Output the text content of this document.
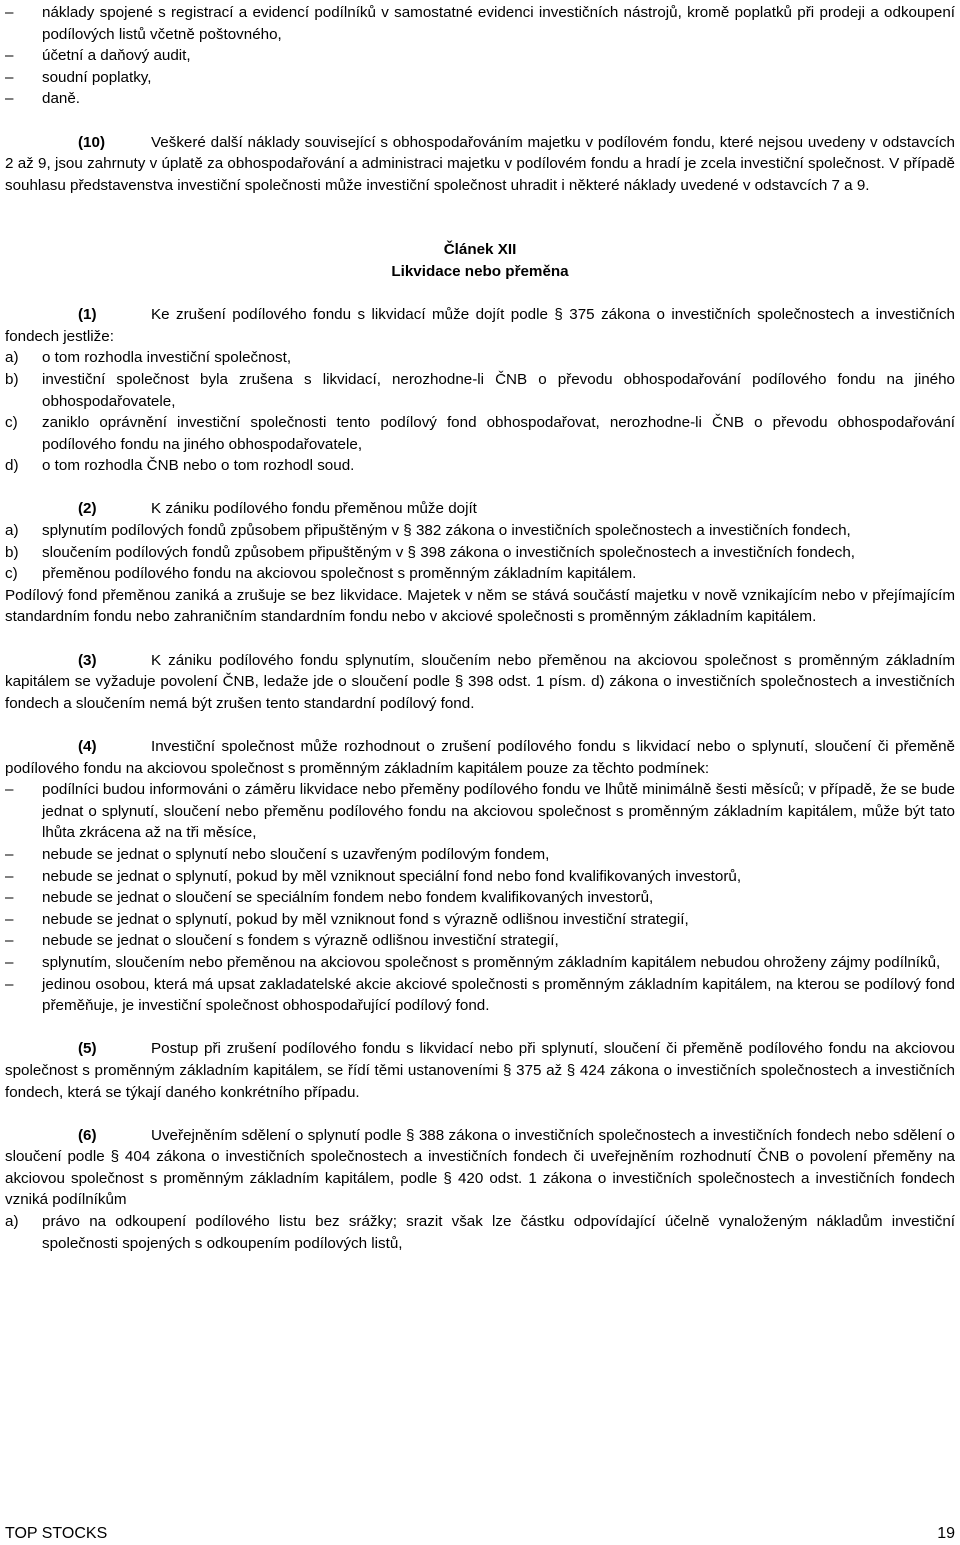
– náklady spojené s registrací a evidencí podílníků v samostatné evidenci investičních nástrojů, kromě poplatků při prodeji a odkoupení podílových listů včetně poštovného,
– účetní a daňový audit,
– soudní poplatky,
– daně.
(10)	Veškeré další náklady související s obhospodařováním majetku v podílovém fondu, které nejsou uvedeny v odstavcích 2 až 9, jsou zahrnuty v úplatě za obhospodařování a administraci majetku v podílovém fondu a hradí je zcela investiční společnost. V případě souhlasu představenstva investiční společnosti může investiční společnost uhradit i některé náklady uvedené v odstavcích 7 a 9.
Článek XII
Likvidace nebo přeměna
(1)	Ke zrušení podílového fondu s likvidací může dojít podle § 375 zákona o investičních společnostech a investičních fondech jestliže:
a) o tom rozhodla investiční společnost,
b) investiční společnost byla zrušena s likvidací, nerozhodne-li ČNB o převodu obhospodařování podílového fondu na jiného obhospodařovatele,
c) zaniklo oprávnění investiční společnosti tento podílový fond obhospodařovat, nerozhodne-li ČNB o převodu obhospodařování podílového fondu na jiného obhospodařovatele,
d) o tom rozhodla ČNB nebo o tom rozhodl soud.
(2)	K zániku podílového fondu přeměnou může dojít
a) splynutím podílových fondů způsobem připuštěným v § 382 zákona o investičních společnostech a investičních fondech,
b) sloučením podílových fondů způsobem připuštěným v § 398 zákona o investičních společnostech a investičních fondech,
c) přeměnou podílového fondu na akciovou společnost s proměnným základním kapitálem.
Podílový fond přeměnou zaniká a zrušuje se bez likvidace. Majetek v něm se stává součástí majetku v nově vznikajícím nebo v přejímajícím standardním fondu nebo zahraničním standardním fondu nebo v akciové společnosti s proměnným základním kapitálem.
(3)	K zániku podílového fondu splynutím, sloučením nebo přeměnou na akciovou společnost s proměnným základním kapitálem se vyžaduje povolení ČNB, ledaže jde o sloučení podle § 398 odst. 1 písm. d) zákona o investičních společnostech a investičních fondech a sloučením nemá být zrušen tento standardní podílový fond.
(4)	Investiční společnost může rozhodnout o zrušení podílového fondu s likvidací nebo o splynutí, sloučení či přeměně podílového fondu na akciovou společnost s proměnným základním kapitálem pouze za těchto podmínek:
– podílníci budou informováni o záměru likvidace nebo přeměny podílového fondu ve lhůtě minimálně šesti měsíců; v případě, že se bude jednat o splynutí, sloučení nebo přeměnu podílového fondu na akciovou společnost s proměnným základním kapitálem, může být tato lhůta zkrácena až na tři měsíce,
– nebude se jednat o splynutí nebo sloučení s uzavřeným podílovým fondem,
– nebude se jednat o splynutí, pokud by měl vzniknout speciální fond nebo fond kvalifikovaných investorů,
– nebude se jednat o sloučení se speciálním fondem nebo fondem kvalifikovaných investorů,
– nebude se jednat o splynutí, pokud by měl vzniknout fond s výrazně odlišnou investiční strategií,
– nebude se jednat o sloučení s fondem s výrazně odlišnou investiční strategií,
– splynutím, sloučením nebo přeměnou na akciovou společnost s proměnným základním kapitálem nebudou ohroženy zájmy podílníků,
– jedinou osobou, která má upsat zakladatelské akcie akciové společnosti s proměnným základním kapitálem, na kterou se podílový fond přeměňuje, je investiční společnost obhospodařující podílový fond.
(5)	Postup při zrušení podílového fondu s likvidací nebo při splynutí, sloučení či přeměně podílového fondu na akciovou společnost s proměnným základním kapitálem, se řídí těmi ustanoveními § 375 až § 424 zákona o investičních společnostech a investičních fondech, která se týkají daného konkrétního případu.
(6)	Uveřejněním sdělení o splynutí podle § 388 zákona o investičních společnostech a investičních fondech nebo sdělení o sloučení podle § 404 zákona o investičních společnostech a investičních fondech či uveřejněním rozhodnutí ČNB o povolení přeměny na akciovou společnost s proměnným základním kapitálem, podle § 420 odst. 1 zákona o investičních společnostech a investičních fondech vzniká podílníkům
a) právo na odkoupení podílového listu bez srážky; srazit však lze částku odpovídající účelně vynaloženým nákladům investiční společnosti spojených s odkoupením podílových listů,
TOP STOCKS	19
